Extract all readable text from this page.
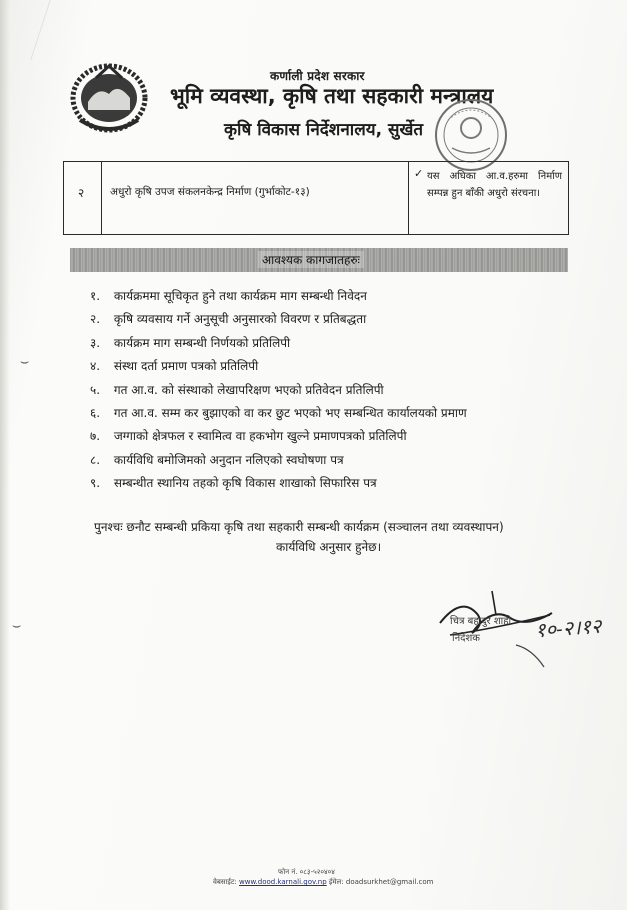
कर्णाली प्रदेश सरकार
भूमि व्यवस्था, कृषि तथा सहकारी मन्त्रालय
कृषि विकास निर्देशनालय, सुर्खेत
२ अधुरो कृषि उपज संकलनकेन्द्र निर्माण (गुर्भाकोट-१३)
✓ यस अघिका आ.व.हरुमा निर्माण सम्पन्न हुन बाँकी अधुरो संरचना।
आवश्यक कागजातहरुः
१. कार्यक्रममा सूचिकृत हुने तथा कार्यक्रम माग सम्बन्धी निवेदन
२. कृषि व्यवसाय गर्ने अनुसूची अनुसारको विवरण र प्रतिबद्धता
३. कार्यक्रम माग सम्बन्धी निर्णयको प्रतिलिपी
४. संस्था दर्ता प्रमाण पत्रको प्रतिलिपी
५. गत आ.व. को संस्थाको लेखापरिक्षण भएको प्रतिवेदन प्रतिलिपी
६. गत आ.व. सम्म कर बुझाएको वा कर छुट भएको भए सम्बन्धित कार्यालयको प्रमाण
७. जग्गाको क्षेत्रफल र स्वामित्व वा हकभोग खुल्ने प्रमाणपत्रको प्रतिलिपी
८. कार्यविधि बमोजिमको अनुदान नलिएको स्वघोषणा पत्र
९. सम्बन्धीत स्थानिय तहको कृषि विकास शाखाको सिफारिस पत्र
पुनश्चः छनौट सम्बन्धी प्रकिया कृषि तथा सहकारी सम्बन्धी कार्यक्रम (सञ्चालन तथा व्यवस्थापन)
कार्यविधि अनुसार हुनेछ।
चित्र बहादुर शाही
निर्देशक	१०-२।१२
⌣
⌣
फोन नं. ०८३-५२०४०४
वेबसाईट: www.dood.karnali.gov.np ईमेल: doadsurkhet@gmail.com
